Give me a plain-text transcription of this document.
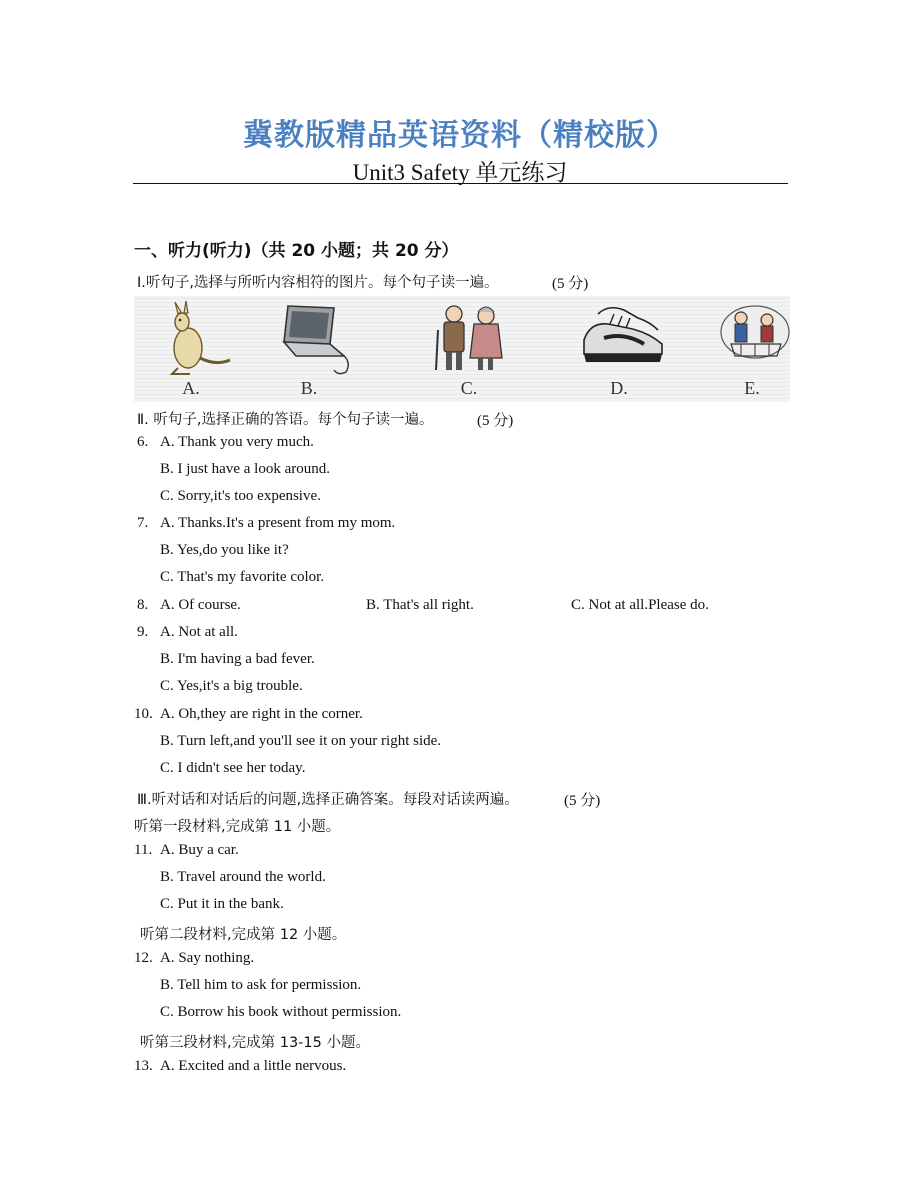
冀教版精品英语资料（精校版）
Unit3 Safety 单元练习
一、听力(听力)（共 20 小题；共 20 分）
Ⅰ.听句子,选择与所听内容相符的图片。每个句子读一遍。	(5 分)
A.	B.	C.	D.	E.
Ⅱ. 听句子,选择正确的答语。每个句子读一遍。	(5 分)
6. A. Thank you very much.
B. I just have a look around.
C. Sorry,it's too expensive.
7. A. Thanks.It's a present from my mom.
B. Yes,do you like it?
C. That's my favorite color.
8. A. Of course.	B. That's all right.	C. Not at all.Please do.
9. A. Not at all.
B. I'm having a bad fever.
C. Yes,it's a big trouble.
10. A. Oh,they are right in the corner.
B. Turn left,and you'll see it on your right side.
C. I didn't see her today.
Ⅲ.听对话和对话后的问题,选择正确答案。每段对话读两遍。	(5 分)
听第一段材料,完成第 11 小题。
11. A. Buy a car.
B. Travel around the world.
C. Put it in the bank.
听第二段材料,完成第 12 小题。
12. A. Say nothing.
B. Tell him to ask for permission.
C. Borrow his book without permission.
听第三段材料,完成第 13-15 小题。
13. A. Excited and a little nervous.
